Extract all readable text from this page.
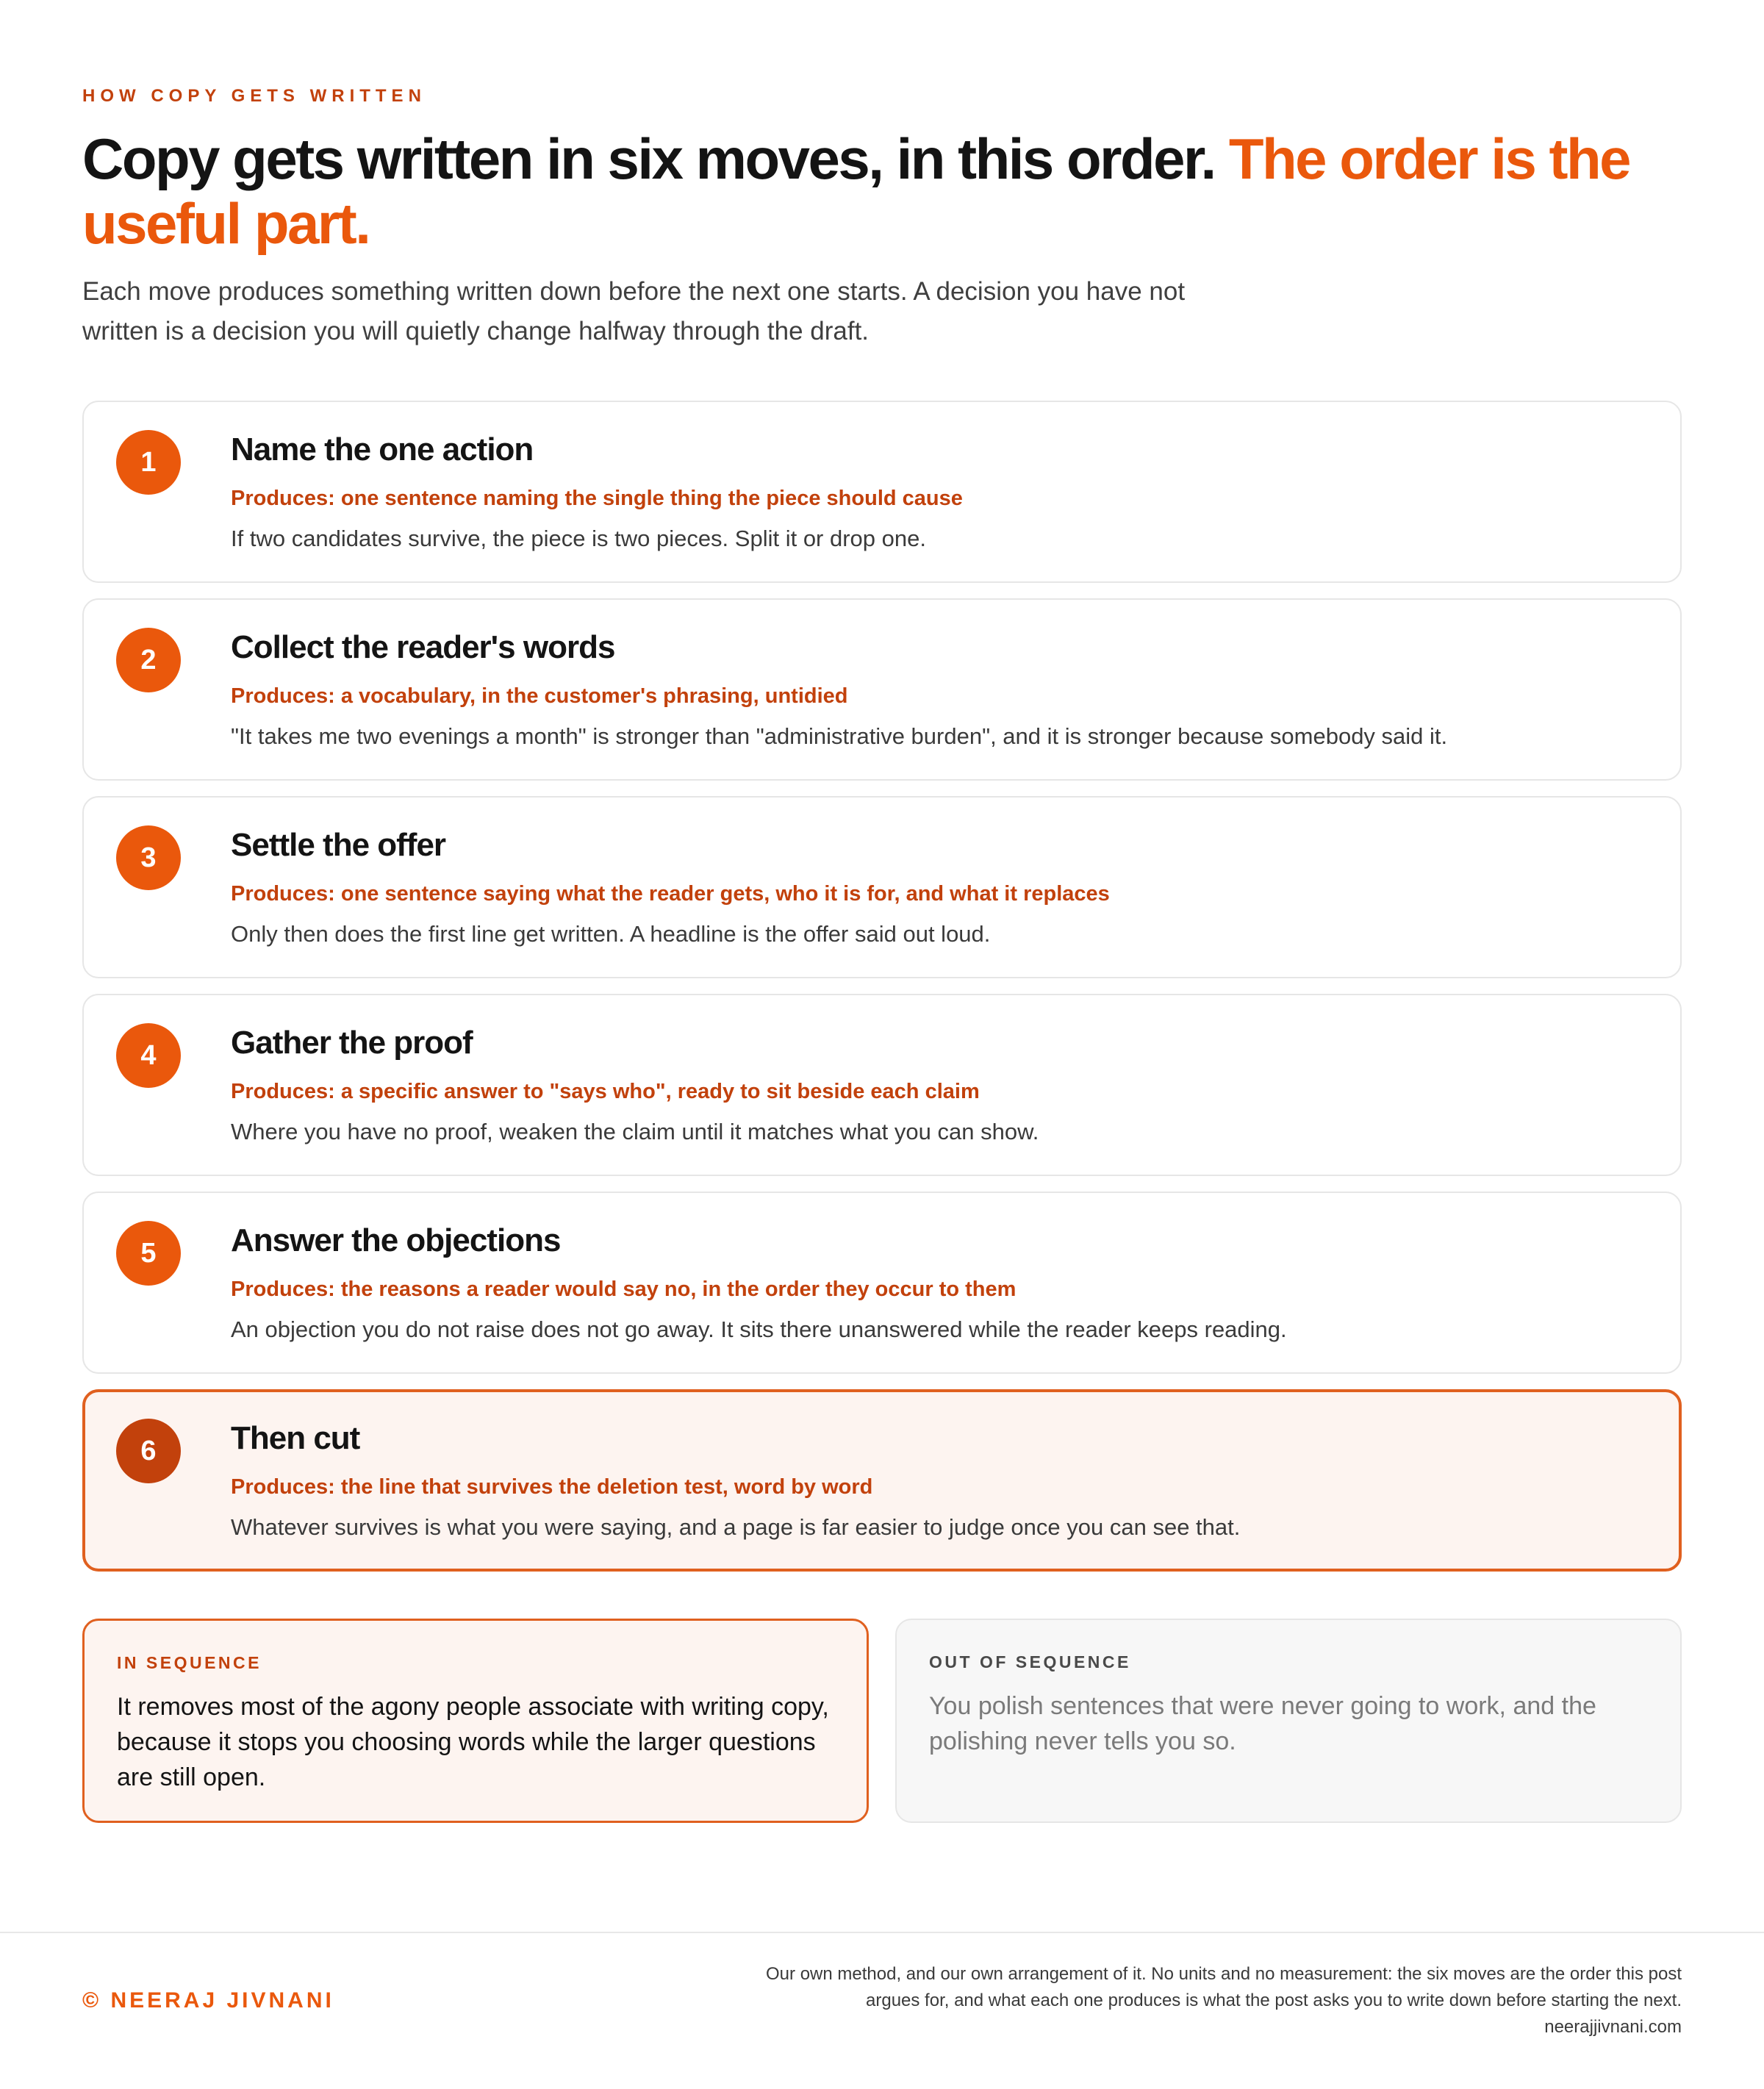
HOW COPY GETS WRITTEN
Copy gets written in six moves, in this order. The order is the useful part.

Each move produces something written down before the next one starts. A decision you have not written is a decision you will quietly change halfway through the draft.

1	Name the one action
Produces: one sentence naming the single thing the piece should cause
If two candidates survive, the piece is two pieces. Split it or drop one.
2	Collect the reader's words
Produces: a vocabulary, in the customer's phrasing, untidied
"It takes me two evenings a month" is stronger than "administrative burden", and it is stronger because somebody said it.
3	Settle the offer
Produces: one sentence saying what the reader gets, who it is for, and what it replaces
Only then does the first line get written. A headline is the offer said out loud.
4	Gather the proof
Produces: a specific answer to "says who", ready to sit beside each claim
Where you have no proof, weaken the claim until it matches what you can show.
5	Answer the objections
Produces: the reasons a reader would say no, in the order they occur to them
An objection you do not raise does not go away. It sits there unanswered while the reader keeps reading.
6	Then cut
Produces: the line that survives the deletion test, word by word
Whatever survives is what you were saying, and a page is far easier to judge once you can see that.
IN SEQUENCE
It removes most of the agony people associate with writing copy, because it stops you choosing words while the larger questions are still open.
OUT OF SEQUENCE
You polish sentences that were never going to work, and the polishing never tells you so.
© NEERAJ JIVNANI
Our own method, and our own arrangement of it. No units and no measurement: the six moves are the order this post
argues for, and what each one produces is what the post asks you to write down before starting the next.
neerajjivnani.com
